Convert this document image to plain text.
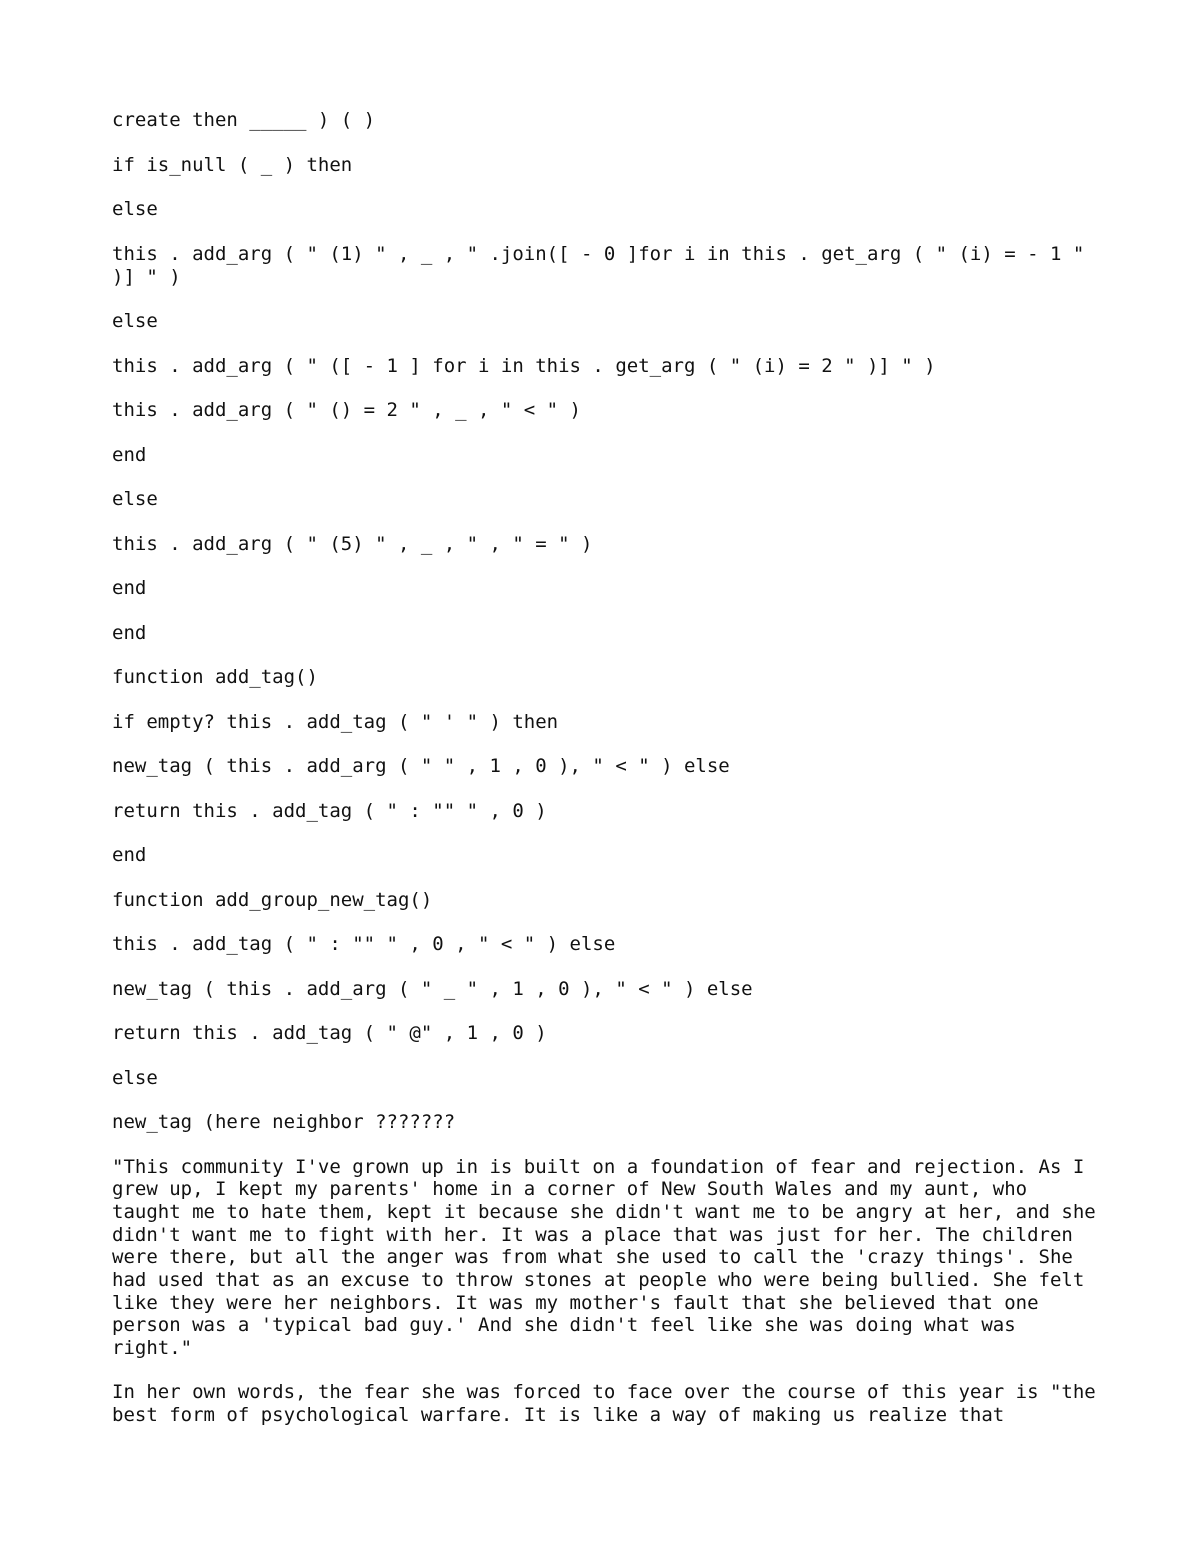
create then _____ ) ( )
if is_null ( _ ) then
else
this . add_arg ( " (1) " , _ , " .join([ - 0 ]for i in this . get_arg ( " (i) = - 1 " )] " )
else
this . add_arg ( " ([ - 1 ] for i in this . get_arg ( " (i) = 2 " )] " )
this . add_arg ( " () = 2 " , _ , " < " )
end
else
this . add_arg ( " (5) " , _ , " , " = " )
end
end
function add_tag()
if empty? this . add_tag ( " ' " ) then
new_tag ( this . add_arg ( " " , 1 , 0 ), " < " ) else
return this . add_tag ( " : "" " , 0 )
end
function add_group_new_tag()
this . add_tag ( " : "" " , 0 , " < " ) else
new_tag ( this . add_arg ( " _ " , 1 , 0 ), " < " ) else
return this . add_tag ( " @" , 1 , 0 )
else
new_tag (here neighbor ???????
"This community I've grown up in is built on a foundation of fear and rejection. As I grew up, I kept my parents' home in a corner of New South Wales and my aunt, who taught me to hate them, kept it because she didn't want me to be angry at her, and she didn't want me to fight with her. It was a place that was just for her. The children were there, but all the anger was from what she used to call the 'crazy things'. She had used that as an excuse to throw stones at people who were being bullied. She felt like they were her neighbors. It was my mother's fault that she believed that one person was a 'typical bad guy.' And she didn't feel like she was doing what was right."
In her own words, the fear she was forced to face over the course of this year is "the best form of psychological warfare. It is like a way of making us realize that
